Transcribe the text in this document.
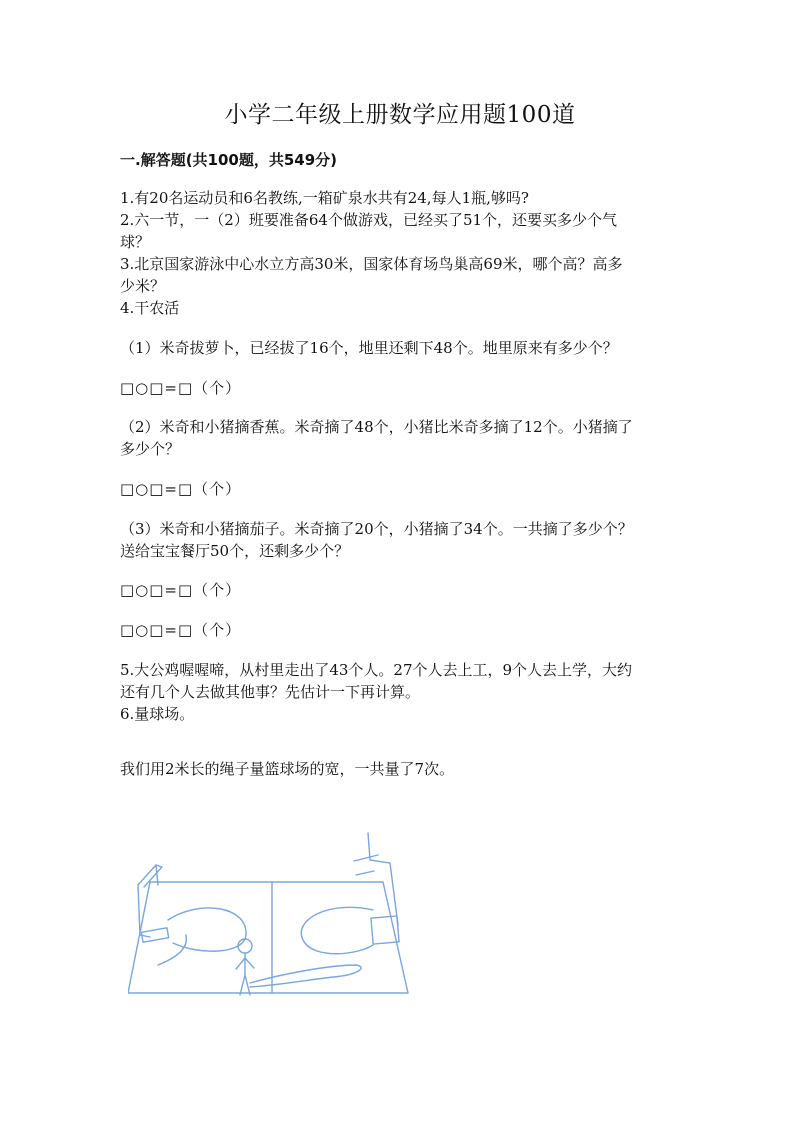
小学二年级上册数学应用题100道
一.解答题(共100题，共549分)
1.有20名运动员和6名教练,一箱矿泉水共有24,每人1瓶,够吗?
2.六一节，一（2）班要准备64个做游戏，已经买了51个，还要买多少个气
球？
3.北京国家游泳中心水立方高30米，国家体育场鸟巢高69米，哪个高？高多
少米？
4.干农活
（1）米奇拔萝卜，已经拔了16个，地里还剩下48个。地里原来有多少个？
□○□=□（个）
（2）米奇和小猪摘香蕉。米奇摘了48个，小猪比米奇多摘了12个。小猪摘了
多少个？
□○□=□（个）
（3）米奇和小猪摘茄子。米奇摘了20个，小猪摘了34个。一共摘了多少个？
送给宝宝餐厅50个，还剩多少个？
□○□=□（个）
□○□=□（个）
5.大公鸡喔喔啼，从村里走出了43个人。27个人去上工，9个人去上学，大约
还有几个人去做其他事？先估计一下再计算。
6.量球场。
我们用2米长的绳子量篮球场的宽，一共量了7次。
